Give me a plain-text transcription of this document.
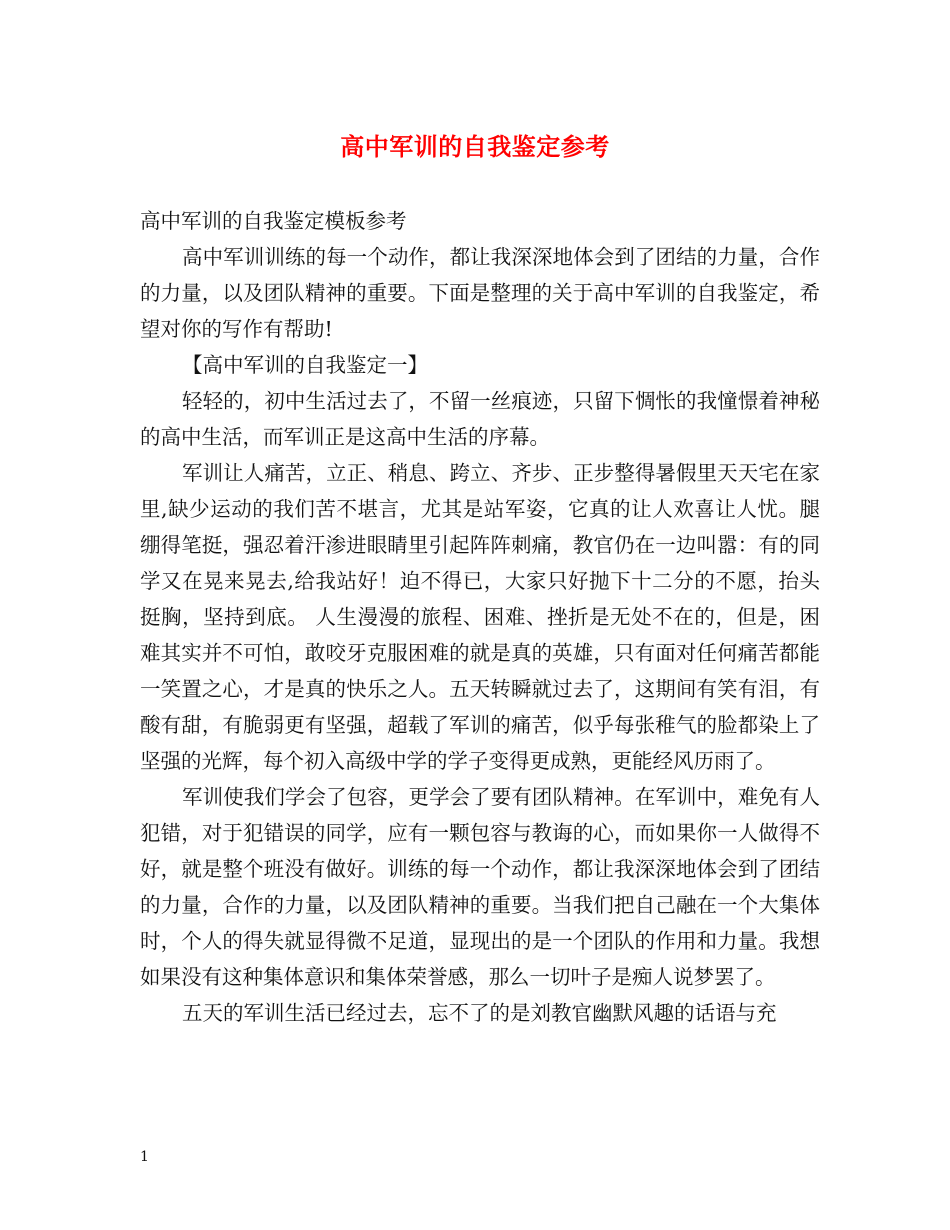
高中军训的自我鉴定参考

高中军训的自我鉴定模板参考

高中军训训练的每一个动作，都让我深深地体会到了团结的力量，合作的力量，以及团队精神的重要。下面是整理的关于高中军训的自我鉴定，希望对你的写作有帮助!

【高中军训的自我鉴定一】

轻轻的，初中生活过去了，不留一丝痕迹，只留下惆怅的我憧憬着神秘的高中生活，而军训正是这高中生活的序幕。

军训让人痛苦，立正、稍息、跨立、齐步、正步整得暑假里天天宅在家里,缺少运动的我们苦不堪言，尤其是站军姿，它真的让人欢喜让人忧。腿绷得笔挺，强忍着汗渗进眼睛里引起阵阵刺痛，教官仍在一边叫嚣：有的同学又在晃来晃去,给我站好！迫不得已，大家只好抛下十二分的不愿，抬头挺胸，坚持到底。 人生漫漫的旅程、困难、挫折是无处不在的，但是，困难其实并不可怕，敢咬牙克服困难的就是真的英雄，只有面对任何痛苦都能一笑置之心，才是真的快乐之人。五天转瞬就过去了，这期间有笑有泪，有酸有甜，有脆弱更有坚强，超载了军训的痛苦，似乎每张稚气的脸都染上了坚强的光辉，每个初入高级中学的学子变得更成熟，更能经风历雨了。

军训使我们学会了包容，更学会了要有团队精神。在军训中，难免有人犯错，对于犯错误的同学，应有一颗包容与教诲的心，而如果你一人做得不好，就是整个班没有做好。训练的每一个动作，都让我深深地体会到了团结的力量，合作的力量，以及团队精神的重要。当我们把自己融在一个大集体时，个人的得失就显得微不足道，显现出的是一个团队的作用和力量。我想如果没有这种集体意识和集体荣誉感，那么一切叶子是痴人说梦罢了。

五天的军训生活已经过去，忘不了的是刘教官幽默风趣的话语与充

1
